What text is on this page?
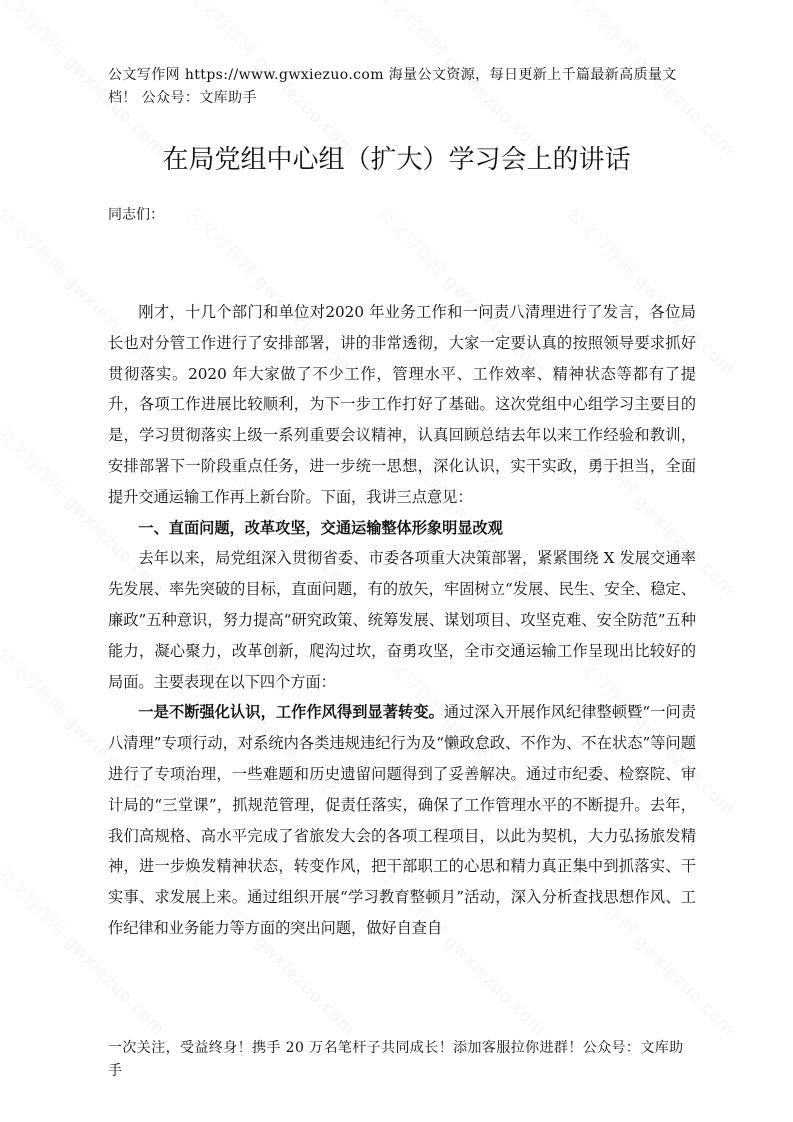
公文写作网 https://www.gwxiezuo.com 海量公文资源，每日更新上千篇最新高质量文档！ 公众号：文库助手
在局党组中心组（扩大）学习会上的讲话
同志们：

刚才，十几个部门和单位对2020 年业务工作和一问责八清理进行了发言，各位局长也对分管工作进行了安排部署，讲的非常透彻，大家一定要认真的按照领导要求抓好贯彻落实。2020 年大家做了不少工作，管理水平、工作效率、精神状态等都有了提升，各项工作进展比较顺利，为下一步工作打好了基础。这次党组中心组学习主要目的是，学习贯彻落实上级一系列重要会议精神，认真回顾总结去年以来工作经验和教训，安排部署下一阶段重点任务，进一步统一思想，深化认识，实干实政，勇于担当，全面提升交通运输工作再上新台阶。下面，我讲三点意见：

一、直面问题，改革攻坚，交通运输整体形象明显改观

去年以来，局党组深入贯彻省委、市委各项重大决策部署，紧紧围绕 X 发展交通率先发展、率先突破的目标，直面问题，有的放矢，牢固树立“发展、民生、安全、稳定、廉政”五种意识，努力提高“研究政策、统筹发展、谋划项目、攻坚克难、安全防范”五种能力，凝心聚力，改革创新，爬沟过坎，奋勇攻坚，全市交通运输工作呈现出比较好的局面。主要表现在以下四个方面：

一是不断强化认识，工作作风得到显著转变。通过深入开展作风纪律整顿暨“一问责八清理”专项行动，对系统内各类违规违纪行为及“懒政怠政、不作为、不在状态”等问题进行了专项治理，一些难题和历史遗留问题得到了妥善解决。通过市纪委、检察院、审计局的“三堂课”，抓规范管理，促责任落实，确保了工作管理水平的不断提升。去年，我们高规格、高水平完成了省旅发大会的各项工程项目，以此为契机，大力弘扬旅发精神，进一步焕发精神状态，转变作风，把干部职工的心思和精力真正集中到抓落实、干实事、求发展上来。通过组织开展“学习教育整顿月”活动，深入分析查找思想作风、工作纪律和业务能力等方面的突出问题，做好自查自

一次关注，受益终身！携手 20 万名笔杆子共同成长！添加客服拉你进群！公众号：文库助手
